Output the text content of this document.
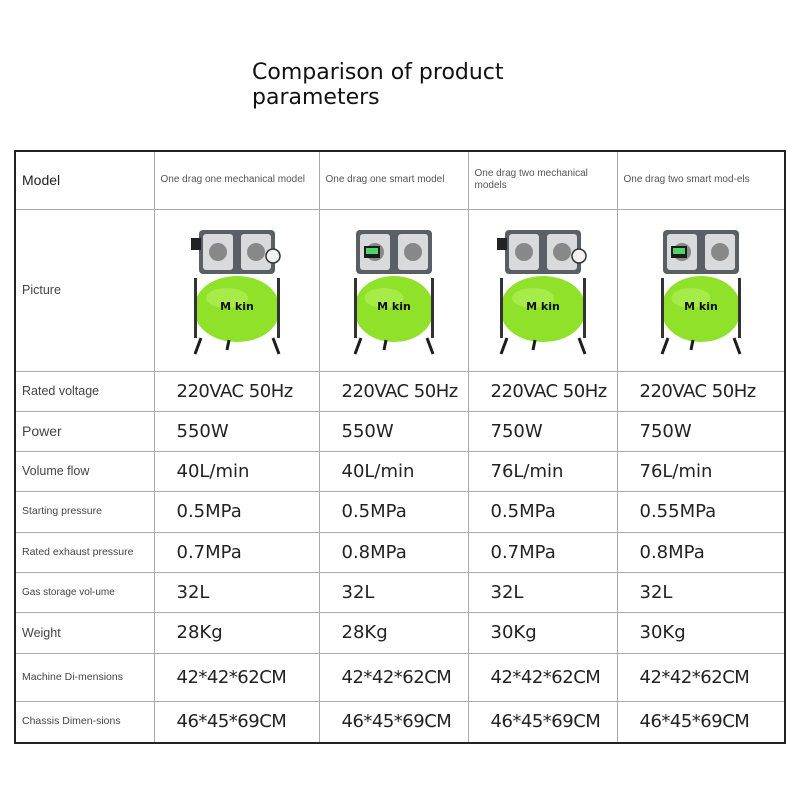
Comparison of product parameters
Model	One drag one mechanical model	One drag one smart model	One drag two mechanical models	One drag two smart mod-els
Picture	M kin	M kin	M kin	M kin

Rated voltage	220VAC 50Hz	220VAC 50Hz	220VAC 50Hz	220VAC 50Hz
Power	550W	550W	750W	750W
Volume flow	40L/min	40L/min	76L/min	76L/min
Starting pressure	0.5MPa	0.5MPa	0.5MPa	0.55MPa
Rated exhaust pressure	0.7MPa	0.8MPa	0.7MPa	0.8MPa
Gas storage vol-ume	32L	32L	32L	32L
Weight	28Kg	28Kg	30Kg	30Kg
Machine Di-mensions	42*42*62CM	42*42*62CM	42*42*62CM	42*42*62CM
Chassis Dimen-sions	46*45*69CM	46*45*69CM	46*45*69CM	46*45*69CM
